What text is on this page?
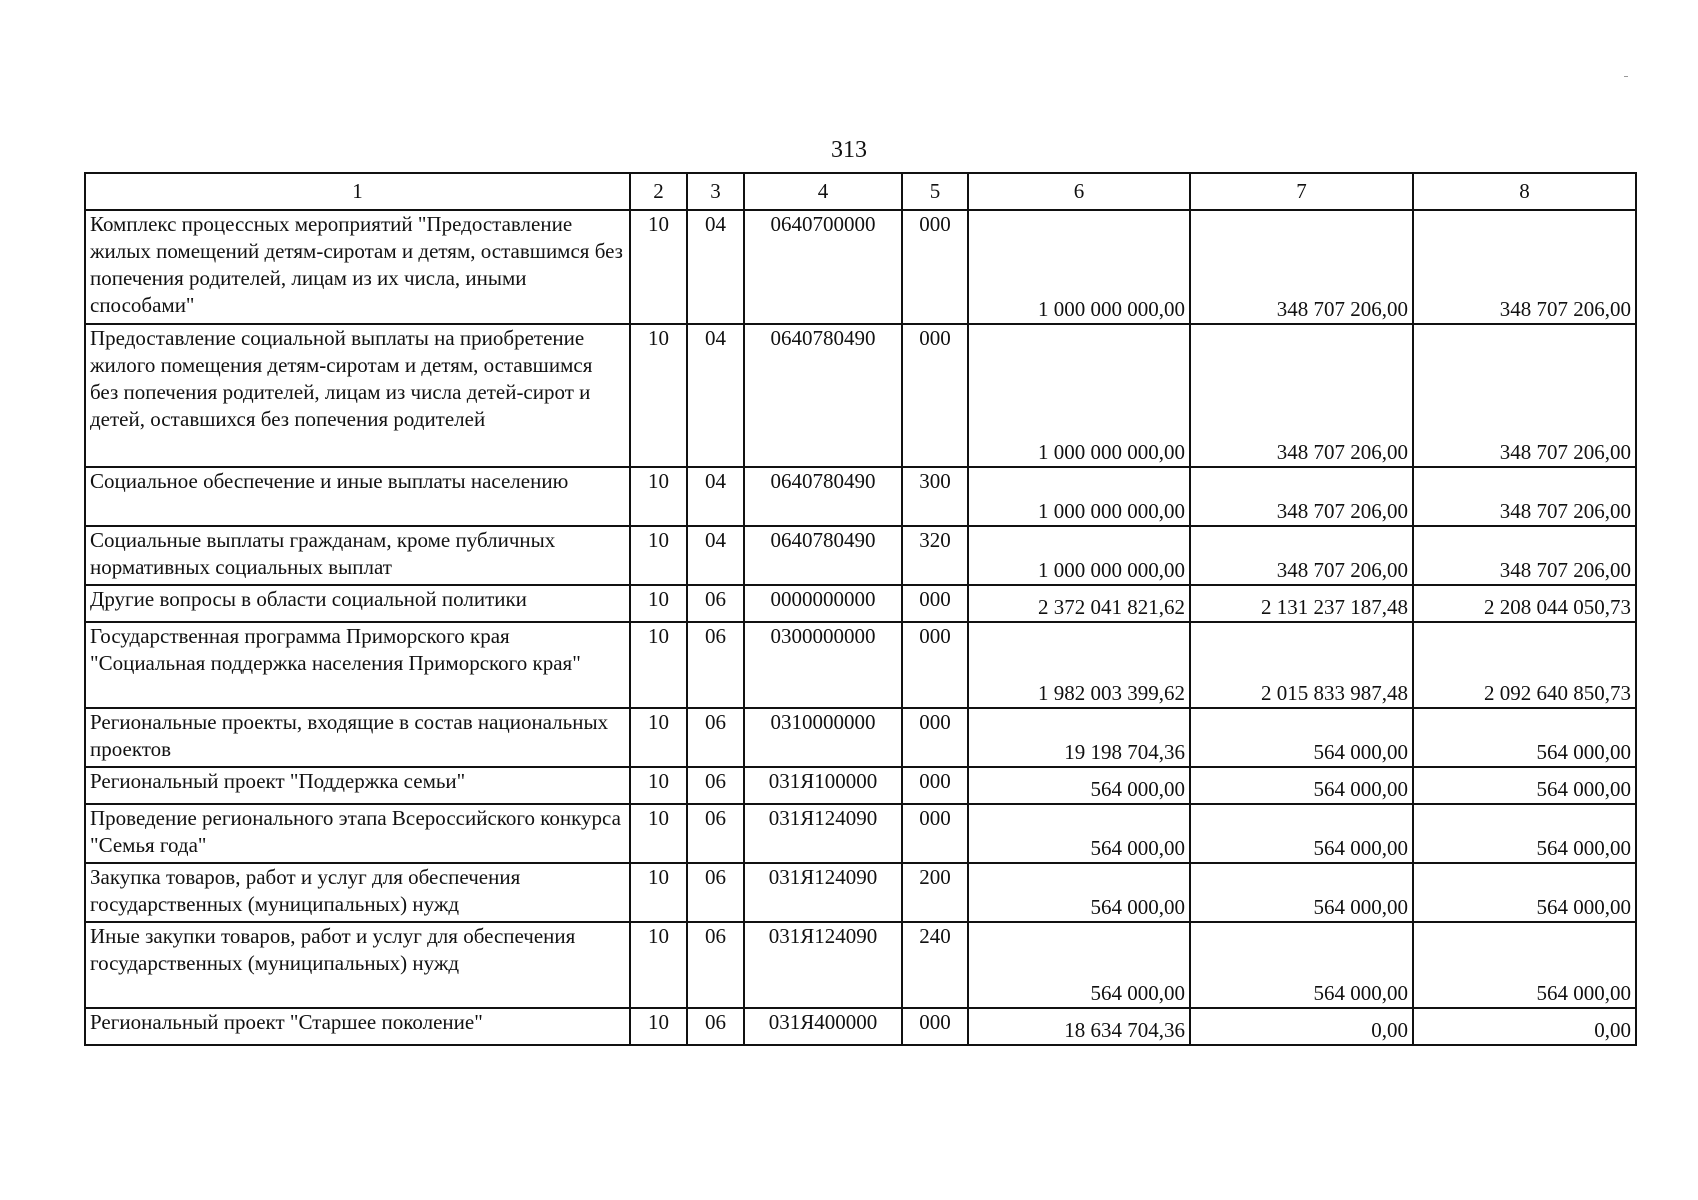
313
1	2	3	4	5	6	7	8
Комплекс процессных мероприятий "Предоставление жилых помещений детям-сиротам и детям, оставшимся без попечения родителей, лицам из их числа, иными способами"	10	04	0640700000	000	1 000 000 000,00	348 707 206,00	348 707 206,00
Предоставление социальной выплаты на приобретение жилого помещения детям-сиротам и детям, оставшимся без попечения родителей, лицам из числа детей-сирот и детей, оставшихся без попечения родителей	10	04	0640780490	000	1 000 000 000,00	348 707 206,00	348 707 206,00
Социальное обеспечение и иные выплаты населению	10	04	0640780490	300	1 000 000 000,00	348 707 206,00	348 707 206,00
Социальные выплаты гражданам, кроме публичных нормативных социальных выплат	10	04	0640780490	320	1 000 000 000,00	348 707 206,00	348 707 206,00
Другие вопросы в области социальной политики	10	06	0000000000	000	2 372 041 821,62	2 131 237 187,48	2 208 044 050,73
Государственная программа Приморского края "Социальная поддержка населения Приморского края"	10	06	0300000000	000	1 982 003 399,62	2 015 833 987,48	2 092 640 850,73
Региональные проекты, входящие в состав национальных проектов	10	06	0310000000	000	19 198 704,36	564 000,00	564 000,00
Региональный проект "Поддержка семьи"	10	06	031Я100000	000	564 000,00	564 000,00	564 000,00
Проведение регионального этапа Всероссийского конкурса "Семья года"	10	06	031Я124090	000	564 000,00	564 000,00	564 000,00
Закупка товаров, работ и услуг для обеспечения государственных (муниципальных) нужд	10	06	031Я124090	200	564 000,00	564 000,00	564 000,00
Иные закупки товаров, работ и услуг для обеспечения государственных (муниципальных) нужд	10	06	031Я124090	240	564 000,00	564 000,00	564 000,00
Региональный проект "Старшее поколение"	10	06	031Я400000	000	18 634 704,36	0,00	0,00
